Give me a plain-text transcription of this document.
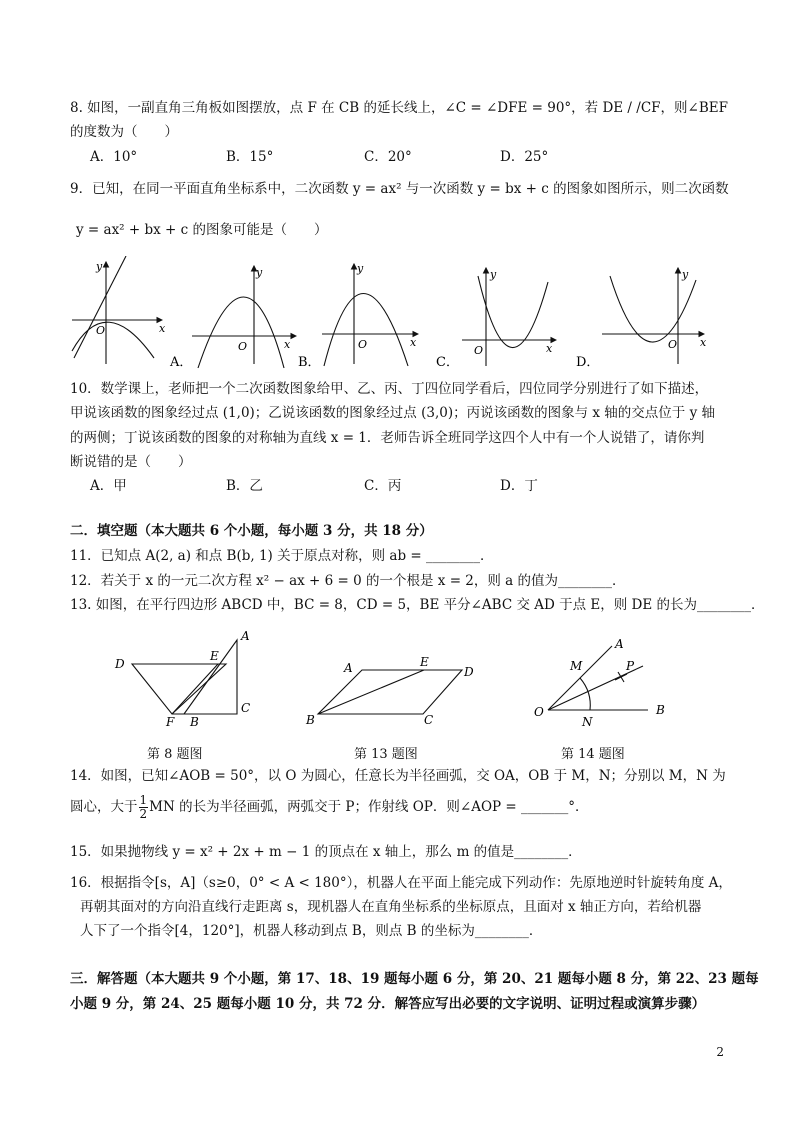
8. 如图，一副直角三角板如图摆放，点 F 在 CB 的延长线上，∠C = ∠DFE = 90°，若 DE / /CF，则∠BEF
的度数为（　　）
A．10°	B．15°	C．20°	D．25°
9．已知，在同一平面直角坐标系中，二次函数 y = ax² 与一次函数 y = bx + c 的图象如图所示，则二次函数
y = ax² + bx + c 的图象可能是（　　）
y
x
O
y
x
O
A．
y
x
O
B．
y
x
O
C．
y
x
O
D．
10．数学课上，老师把一个二次函数图象给甲、乙、丙、丁四位同学看后，四位同学分别进行了如下描述，
甲说该函数的图象经过点 (1,0)；乙说该函数的图象经过点 (3,0)；丙说该函数的图象与 x 轴的交点位于 y 轴
的两侧；丁说该函数的图象的对称轴为直线 x = 1．老师告诉全班同学这四个人中有一个人说错了，请你判
断说错的是（　　）
A．甲	B．乙	C．丙	D．丁
二．填空题（本大题共 6 个小题，每小题 3 分，共 18 分）
11．已知点 A(2, a) 和点 B(b, 1) 关于原点对称，则 ab = ________．
12．若关于 x 的一元二次方程 x² − ax + 6 = 0 的一个根是 x = 2，则 a 的值为________．
13. 如图，在平行四边形 ABCD 中，BC = 8，CD = 5，BE 平分∠ABC 交 AD 于点 E，则 DE 的长为________．
A
D
E
C
F B
A	E
D
B	C
A
M	P
O
N
B
第 8 题图	第 13 题图	第 14 题图
14．如图，已知∠AOB = 50°，以 O 为圆心，任意长为半径画弧，交 OA，OB 于 M，N；分别以 M，N 为
圆心，大于 $\frac{1}{2}$ MN 的长为半径画弧，两弧交于 P；作射线 OP．则∠AOP = _______°．
15．如果抛物线 y = x² + 2x + m − 1 的顶点在 x 轴上，那么 m 的值是________．
16．根据指令[s，A]（s≥0，0° < A < 180°），机器人在平面上能完成下列动作：先原地逆时针旋转角度 A，
再朝其面对的方向沿直线行走距离 s，现机器人在直角坐标系的坐标原点，且面对 x 轴正方向，若给机器
人下了一个指令[4，120°]，机器人移动到点 B，则点 B 的坐标为________．
三．解答题（本大题共 9 个小题，第 17、18、19 题每小题 6 分，第 20、21 题每小题 8 分，第 22、23 题每
小题 9 分，第 24、25 题每小题 10 分，共 72 分．解答应写出必要的文字说明、证明过程或演算步骤）
2
